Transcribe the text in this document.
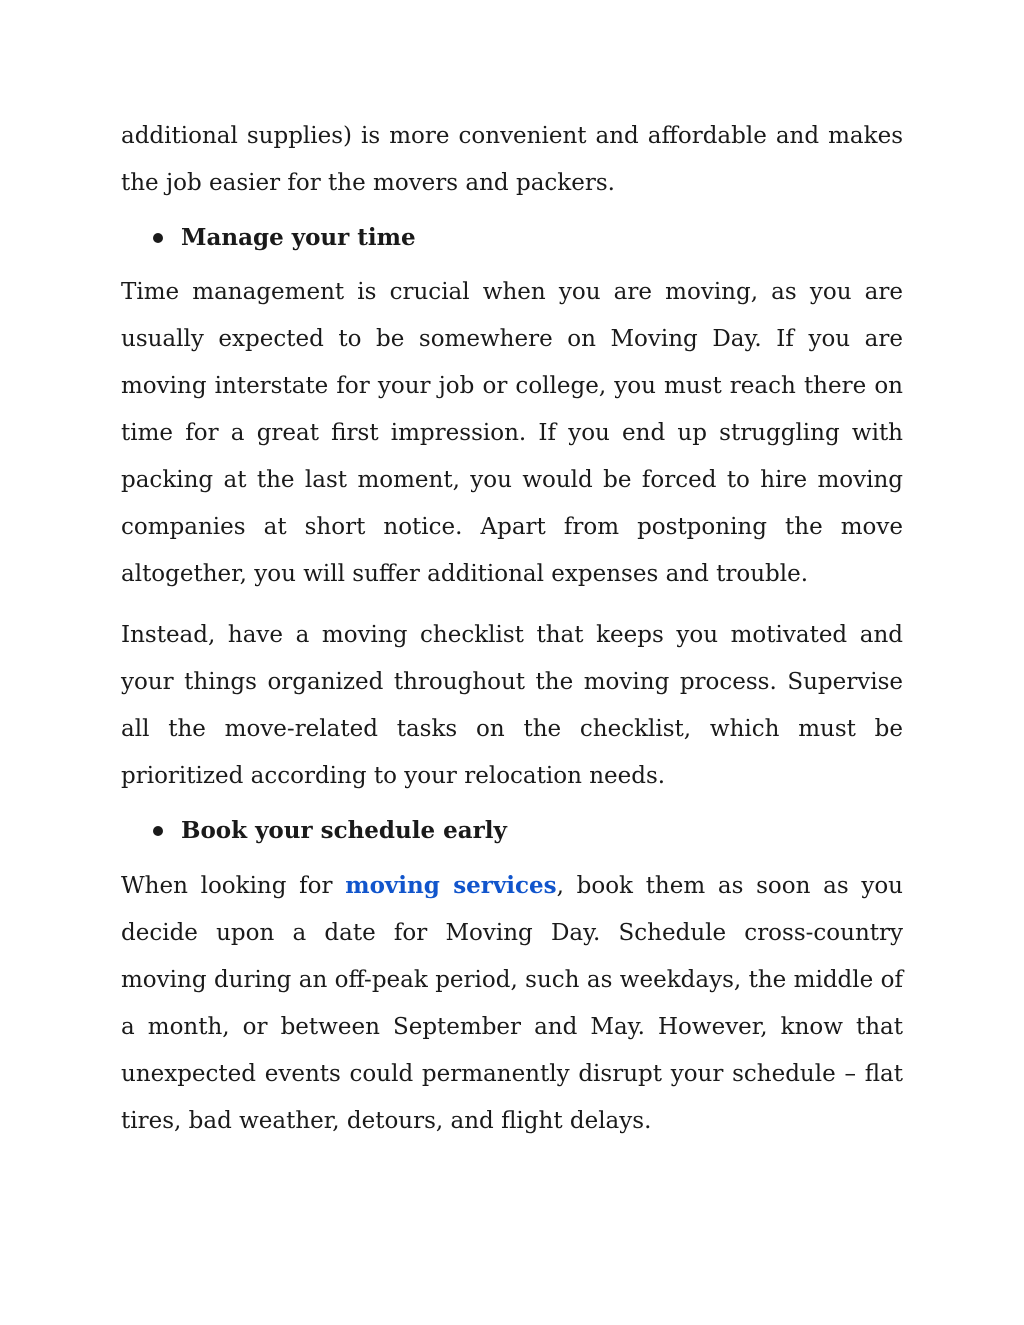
additional supplies) is more convenient and affordable and makes the job easier for the movers and packers.

Manage your time

Time management is crucial when you are moving, as you are usually expected to be somewhere on Moving Day. If you are moving interstate for your job or college, you must reach there on time for a great first impression. If you end up struggling with packing at the last moment, you would be forced to hire moving companies at short notice. Apart from postponing the move altogether, you will suffer additional expenses and trouble.

Instead, have a moving checklist that keeps you motivated and your things organized throughout the moving process. Supervise all the move-related tasks on the checklist, which must be prioritized according to your relocation needs.

Book your schedule early

When looking for moving services, book them as soon as you decide upon a date for Moving Day. Schedule cross-country moving during an off-peak period, such as weekdays, the middle of a month, or between September and May. However, know that unexpected events could permanently disrupt your schedule – flat tires, bad weather, detours, and flight delays.
